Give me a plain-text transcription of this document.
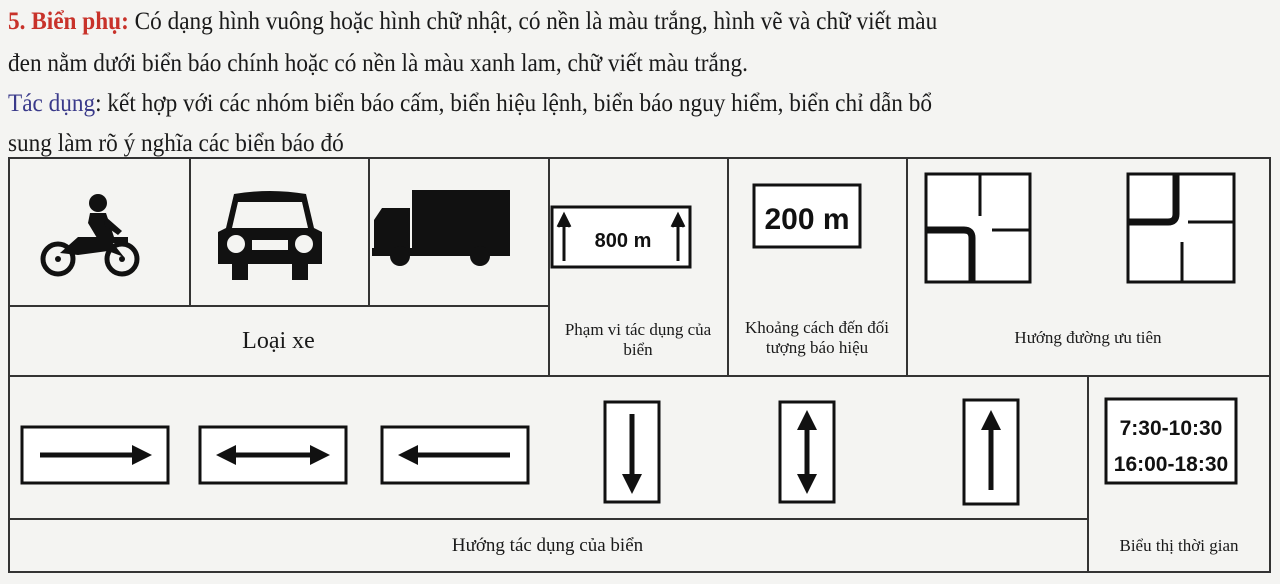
5. Biển phụ: Có dạng hình vuông hoặc hình chữ nhật, có nền là màu trắng, hình vẽ và chữ viết màu
đen nằm dưới biển báo chính hoặc có nền là màu xanh lam, chữ viết màu trắng.
Tác dụng: kết hợp với các nhóm biển báo cấm, biển hiệu lệnh, biển báo nguy hiểm, biển chỉ dẫn bổ
sung làm rõ ý nghĩa các biển báo đó
Loại xe
800 m
Phạm vi tác dụng của biển
200 m
Khoảng cách đến đối tượng báo hiệu
Hướng đường ưu tiên
Hướng tác dụng của biển
7:30-10:30
16:00-18:30
Biểu thị thời gian
